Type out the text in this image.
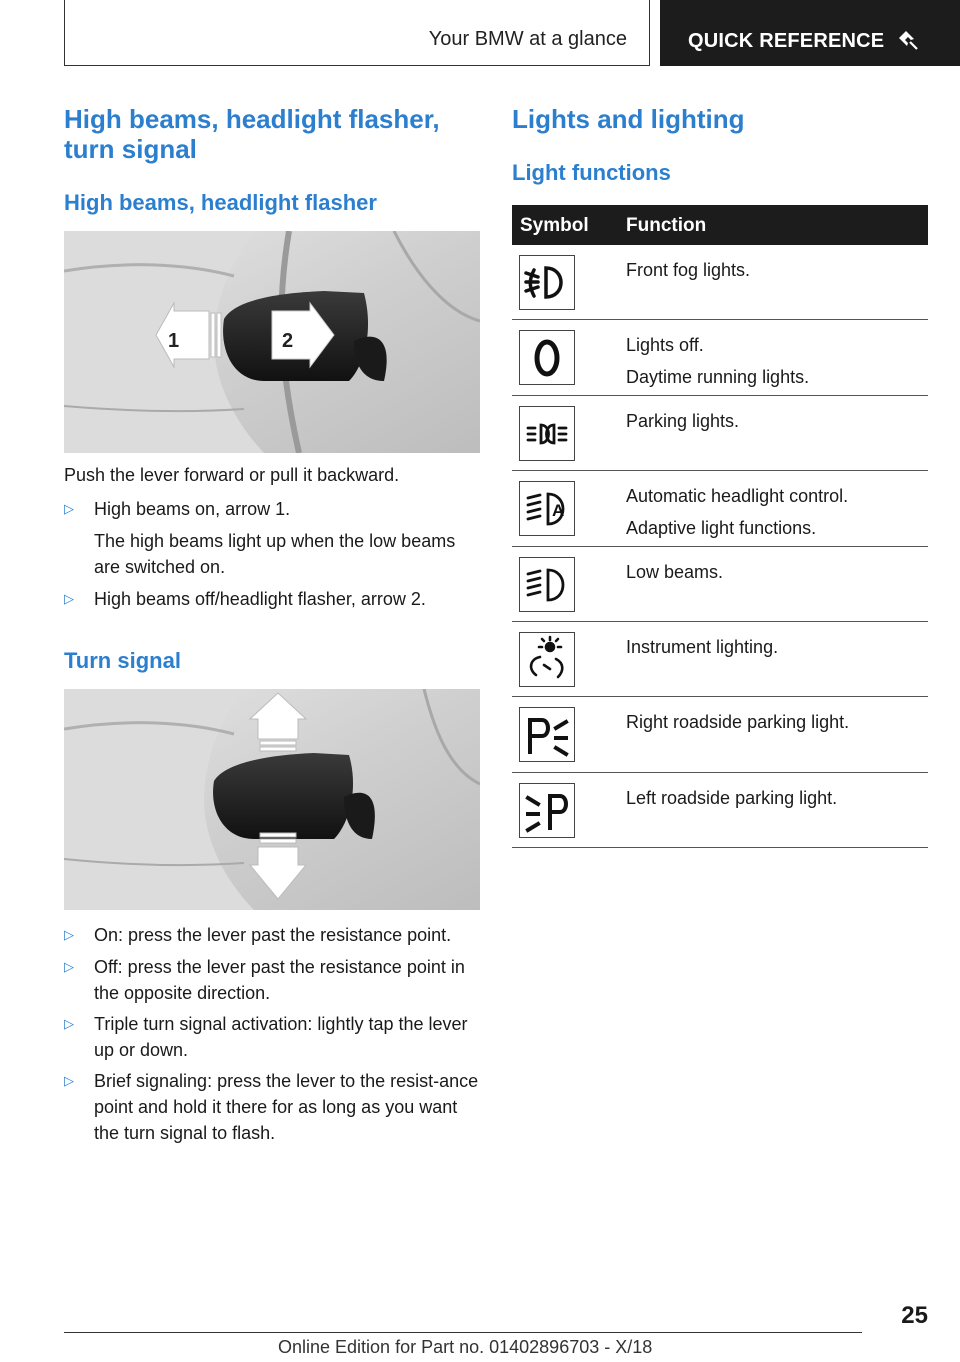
Your BMW at a glance	QUICK REFERENCE
High beams, headlight flasher, turn signal
High beams, headlight flasher
2
1
Push the lever forward or pull it backward.
▷ High beams on, arrow 1.
The high beams light up when the low beams are switched on.
▷ High beams off/headlight flasher, arrow 2.
Turn signal
▷ On: press the lever past the resistance point.
▷ Off: press the lever past the resistance point in the opposite direction.
▷ Triple turn signal activation: lightly tap the lever up or down.
▷ Brief signaling: press the lever to the resist-ance point and hold it there for as long as you want the turn signal to flash.
Lights and lighting
Light functions
Symbol Function
Front fog lights.
Lights off.
Daytime running lights.
Parking lights.
A
Automatic headlight control.
Adaptive light functions.
Low beams.
Instrument lighting.
Right roadside parking light.
Left roadside parking light.
25
Online Edition for Part no. 01402896703 - X/18
